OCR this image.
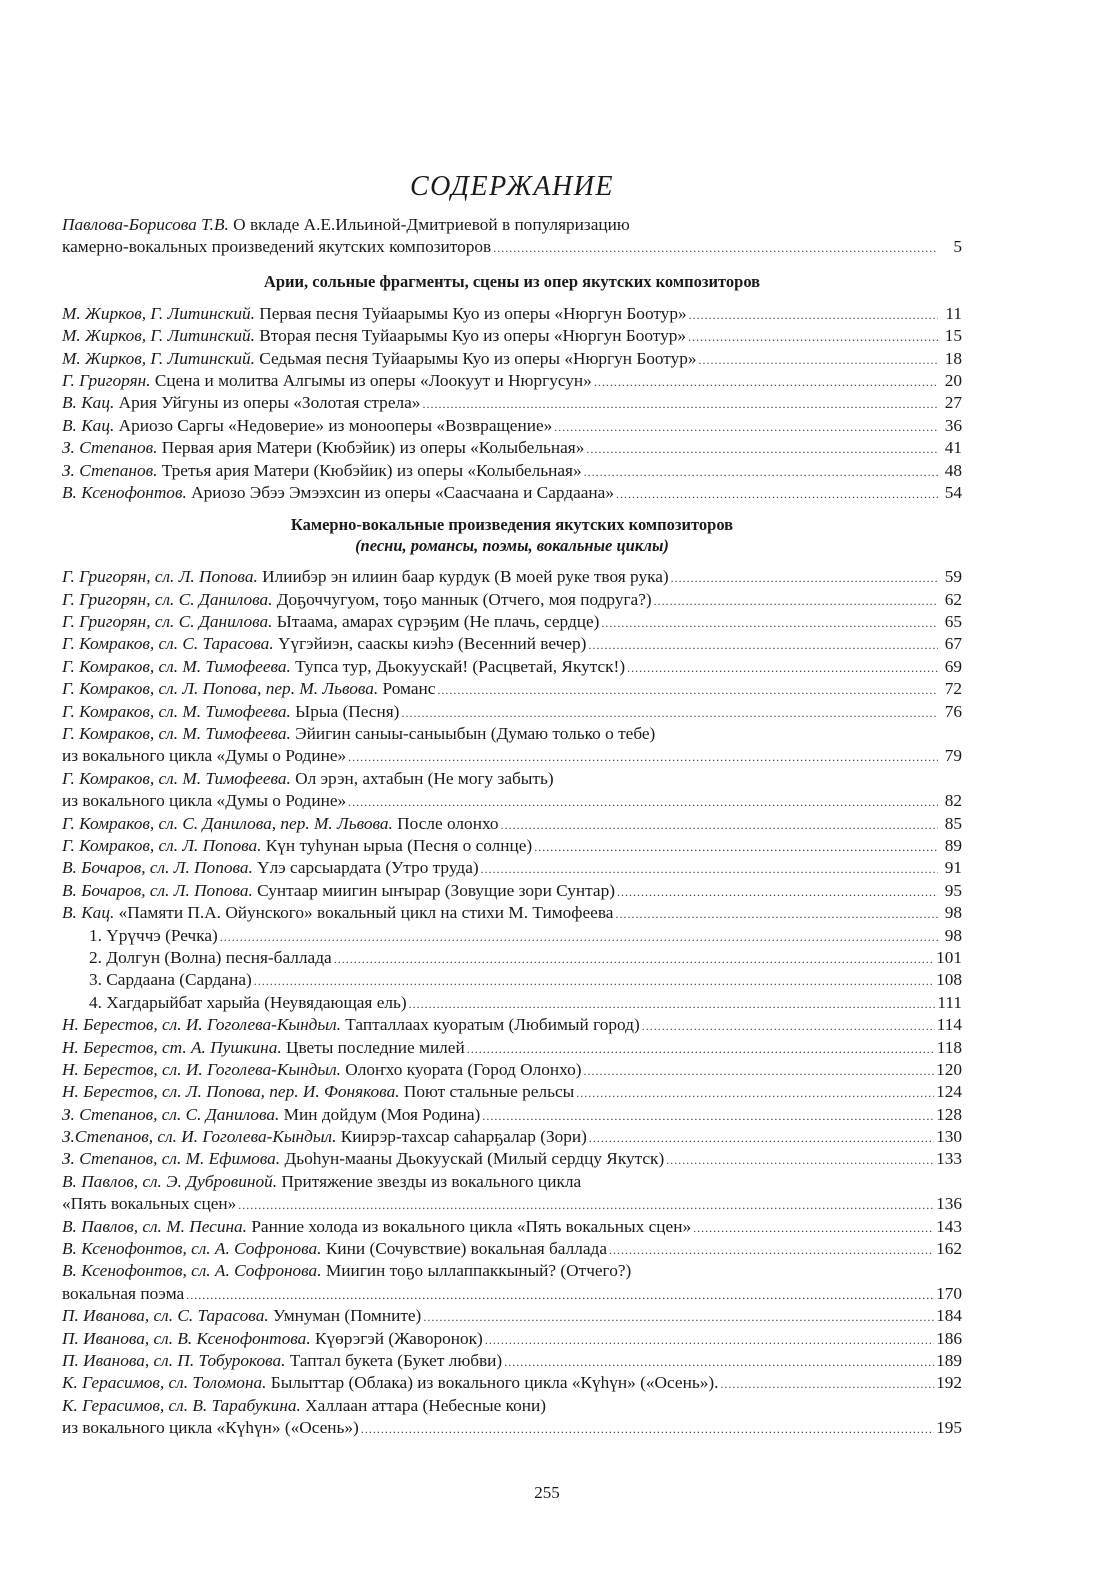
СОДЕРЖАНИЕ
Павлова-Борисова Т.В. О вкладе А.Е.Ильиной-Дмитриевой в популяризацию
камерно-вокальных произведений якутских композиторов .....	5
Арии, сольные фрагменты, сцены из опер якутских композиторов
М. Жирков, Г. Литинский. Первая песня Туйаарымы Куо из оперы «Нюргун Боотур» .....	11
М. Жирков, Г. Литинский. Вторая песня Туйаарымы Куо из оперы «Нюргун Боотур» .....	15
М. Жирков, Г. Литинский. Седьмая песня Туйаарымы Куо из оперы «Нюргун Боотур» .....	18
Г. Григорян. Сцена и молитва Алгымы из оперы «Лоокуут и Нюргусун» .....	20
В. Кац. Ария Уйгуны из оперы «Золотая стрела» .....	27
В. Кац. Ариозо Саргы «Недоверие» из монооперы «Возвращение» .....	36
З. Степанов. Первая ария Матери (Кюбэйик) из оперы «Колыбельная» .....	41
З. Степанов. Третья ария Матери (Кюбэйик) из оперы «Колыбельная» .....	48
В. Ксенофонтов. Ариозо Эбээ Эмээхсин из оперы «Саасчаана и Сардаана» .....	54
Камерно-вокальные произведения якутских композиторов
(песни, романсы, поэмы, вокальные циклы)
Г. Григорян, сл. Л. Попова. Илиибэр эн илиин баар курдук (В моей руке твоя рука) .....	59
Г. Григорян, сл. С. Данилова. Доҕоччугуом, тоҕо маннык (Отчего, моя подруга?) .....	62
Г. Григорян, сл. С. Данилова. Ытаама, амарах сүрэҕим (Не плачь, сердце) .....	65
Г. Комраков, сл. С. Тарасова. Үүгэйиэн, сааскы киэһэ (Весенний вечер) .....	67
Г. Комраков, сл. М. Тимофеева. Тупса тур, Дьокуускай! (Расцветай, Якутск!) .....	69
Г. Комраков, сл. Л. Попова, пер. М. Львова. Романс .....	72
Г. Комраков, сл. М. Тимофеева. Ырыа (Песня) .....	76
Г. Комраков, сл. М. Тимофеева. Эйигин саныы-саныыбын (Думаю только о тебе)
из вокального цикла «Думы о Родине» .....	79
Г. Комраков, сл. М. Тимофеева. Ол эрэн, ахтабын (Не могу забыть)
из вокального цикла «Думы о Родине» .....	82
Г. Комраков, сл. С. Данилова, пер. М. Львова. После олонхо .....	85
Г. Комраков, сл. Л. Попова. Күн туһунан ырыа (Песня о солнце) .....	89
В. Бочаров, сл. Л. Попова. Үлэ сарсыардата (Утро труда) .....	91
В. Бочаров, сл. Л. Попова. Сунтаар миигин ыҥырар (Зовущие зори Сунтар) .....	95
В. Кац. «Памяти П.А. Ойунского» вокальный цикл на стихи М. Тимофеева .....	98
1. Үрүччэ (Речка) .....	98
2. Долгун (Волна) песня-баллада .....	101
3. Сардаана (Сардана) .....	108
4. Хагдарыйбат харыйа (Неувядающая ель) .....	111
Н. Берестов, сл. И. Гоголева-Кындыл. Тапталлаах куоратым (Любимый город) .....	114
Н. Берестов, ст. А. Пушкина. Цветы последние милей .....	118
Н. Берестов, сл. И. Гоголева-Кындыл. Олоҥхо куората (Город Олонхо) .....	120
Н. Берестов, сл. Л. Попова, пер. И. Фонякова. Поют стальные рельсы .....	124
З. Степанов, сл. С. Данилова. Мин дойдум (Моя Родина) .....	128
З.Степанов, сл. И. Гоголева-Кындыл. Киирэр-тахсар саһарҕалар (Зори) .....	130
З. Степанов, сл. М. Ефимова. Дьоһун-мааны Дьокуускай (Милый сердцу Якутск) .....	133
В. Павлов, сл. Э. Дубровиной. Притяжение звезды из вокального цикла
«Пять вокальных сцен» .....	136
В. Павлов, сл. М. Песина. Ранние холода из вокального цикла «Пять вокальных сцен» .....	143
В. Ксенофонтов, сл. А. Софронова. Кини (Сочувствие) вокальная баллада .....	162
В. Ксенофонтов, сл. А. Софронова. Миигин тоҕо ыллаппаккыный? (Отчего?)
вокальная поэма .....	170
П. Иванова, сл. С. Тарасова. Умнуман (Помните) .....	184
П. Иванова, сл. В. Ксенофонтова. Күөрэгэй (Жаворонок) .....	186
П. Иванова, сл. П. Тобурокова. Таптал букета (Букет любви) .....	189
К. Герасимов, сл. Толомона. Былыттар (Облака) из вокального цикла «Күһүн» («Осень»). .....	192
К. Герасимов, сл. В. Тарабукина. Халлаан аттара (Небесные кони)
из вокального цикла «Күһүн» («Осень») .....	195
255
